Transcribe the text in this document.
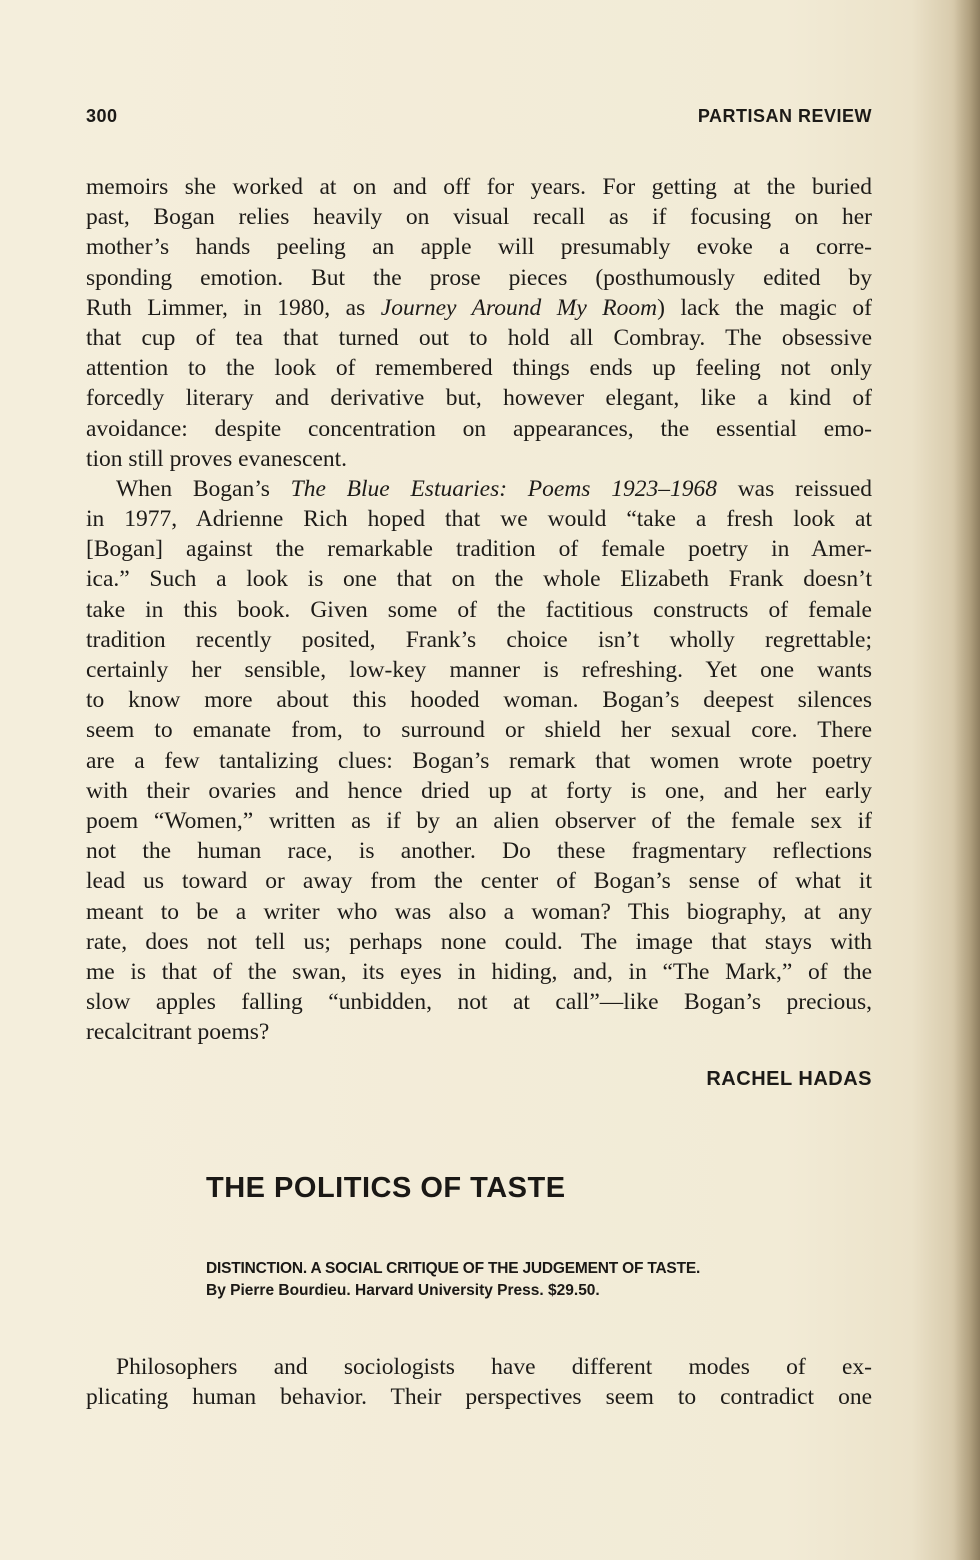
300	PARTISAN REVIEW
memoirs she worked at on and off for years. For getting at the buried
past, Bogan relies heavily on visual recall as if focusing on her
mother’s hands peeling an apple will presumably evoke a corre-
sponding emotion. But the prose pieces (posthumously edited by
Ruth Limmer, in 1980, as Journey Around My Room) lack the magic of
that cup of tea that turned out to hold all Combray. The obsessive
attention to the look of remembered things ends up feeling not only
forcedly literary and derivative but, however elegant, like a kind of
avoidance: despite concentration on appearances, the essential emo-
tion still proves evanescent.
When Bogan’s The Blue Estuaries: Poems 1923–1968 was reissued
in 1977, Adrienne Rich hoped that we would “take a fresh look at
[Bogan] against the remarkable tradition of female poetry in Amer-
ica.” Such a look is one that on the whole Elizabeth Frank doesn’t
take in this book. Given some of the factitious constructs of female
tradition recently posited, Frank’s choice isn’t wholly regrettable;
certainly her sensible, low-key manner is refreshing. Yet one wants
to know more about this hooded woman. Bogan’s deepest silences
seem to emanate from, to surround or shield her sexual core. There
are a few tantalizing clues: Bogan’s remark that women wrote poetry
with their ovaries and hence dried up at forty is one, and her early
poem “Women,” written as if by an alien observer of the female sex if
not the human race, is another. Do these fragmentary reflections
lead us toward or away from the center of Bogan’s sense of what it
meant to be a writer who was also a woman? This biography, at any
rate, does not tell us; perhaps none could. The image that stays with
me is that of the swan, its eyes in hiding, and, in “The Mark,” of the
slow apples falling “unbidden, not at call”—like Bogan’s precious,
recalcitrant poems?
RACHEL HADAS
THE POLITICS OF TASTE
DISTINCTION. A SOCIAL CRITIQUE OF THE JUDGEMENT OF TASTE.
By Pierre Bourdieu. Harvard University Press. $29.50.
Philosophers and sociologists have different modes of ex-
plicating human behavior. Their perspectives seem to contradict one
